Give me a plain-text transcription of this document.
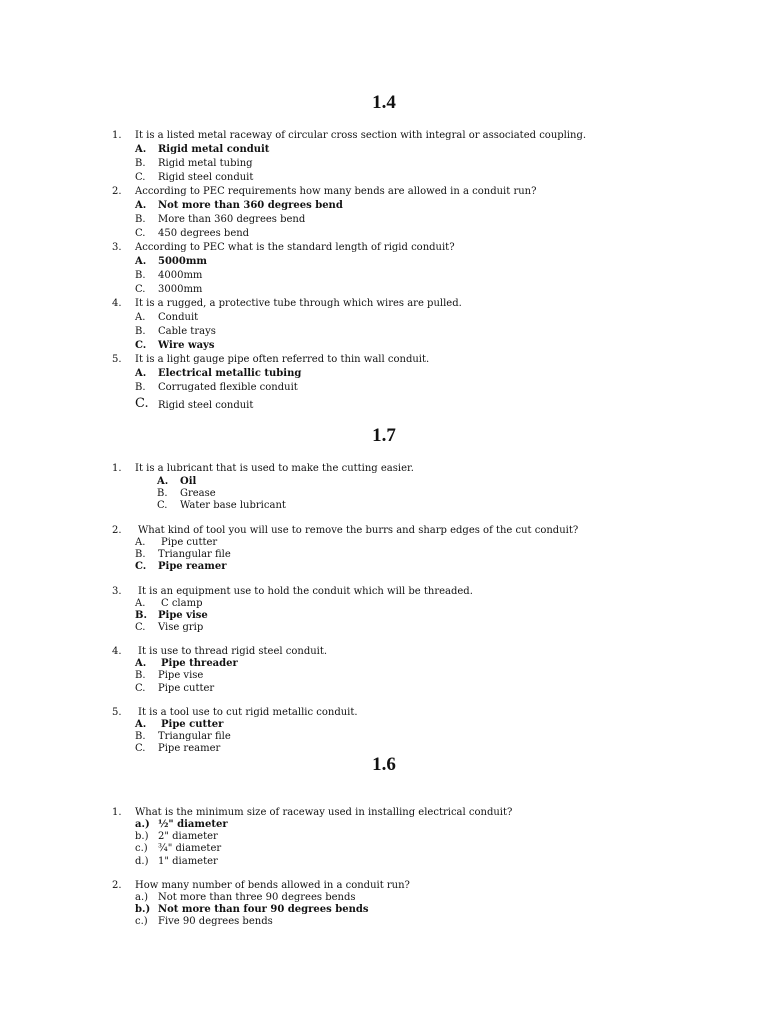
1.4
1.	It is a listed metal raceway of circular cross section with integral or associated coupling.
A. Rigid metal conduit
B. Rigid metal tubing
C. Rigid steel conduit
2.	According to PEC requirements how many bends are allowed in a conduit run?
A. Not more than 360 degrees bend
B. More than 360 degrees bend
C. 450 degrees bend
3.	According to PEC what is the standard length of rigid conduit?
A. 5000mm
B. 4000mm
C. 3000mm
4.	It is a rugged, a protective tube through which wires are pulled.
A. Conduit
B. Cable trays
C. Wire ways
5.	It is a light gauge pipe often referred to thin wall conduit.
A. Electrical metallic tubing
B. Corrugated flexible conduit
C. Rigid steel conduit
1.7
1.	It is a lubricant that is used to make the cutting easier.
A. Oil
B. Grease
C. Water base lubricant
2.	What kind of tool you will use to remove the burrs and sharp edges of the cut conduit?
A. Pipe cutter
B. Triangular file
C. Pipe reamer
3.	It is an equipment use to hold the conduit which will be threaded.
A. C clamp
B. Pipe vise
C. Vise grip
4.	It is use to thread rigid steel conduit.
A. Pipe threader
B. Pipe vise
C. Pipe cutter
5.	It is a tool use to cut rigid metallic conduit.
A. Pipe cutter
B. Triangular file
C. Pipe reamer
1.6
1.	What is the minimum size of raceway used in installing electrical conduit?
a.) ½" diameter
b.) 2" diameter
c.) ¾" diameter
d.) 1" diameter
2.	How many number of bends allowed in a conduit run?
a.) Not more than three 90 degrees bends
b.) Not more than four 90 degrees bends
c.) Five 90 degrees bends
